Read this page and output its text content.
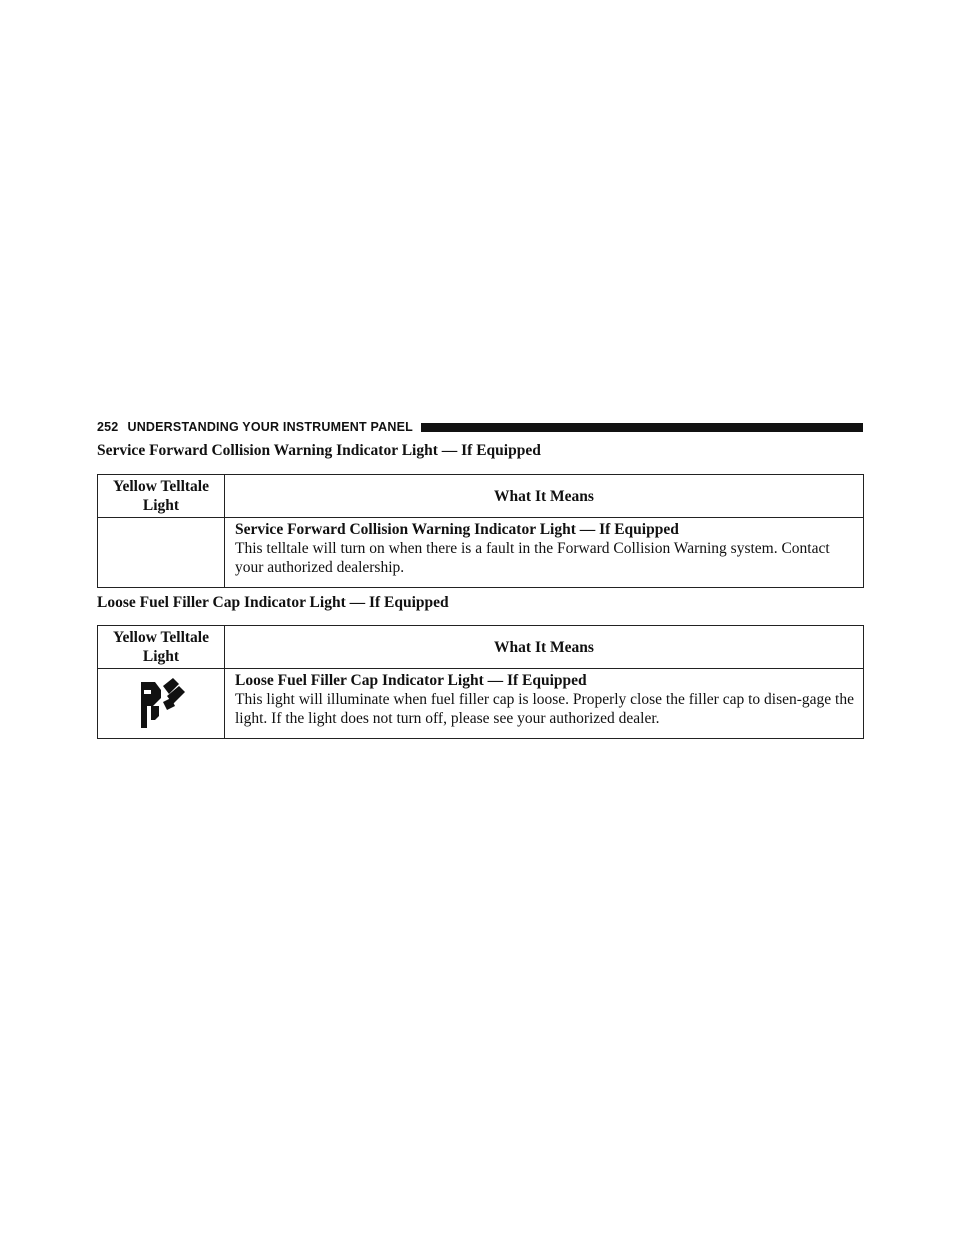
252 UNDERSTANDING YOUR INSTRUMENT PANEL
Service Forward Collision Warning Indicator Light — If Equipped
Yellow Telltale Light	What It Means

	Service Forward Collision Warning Indicator Light — If Equipped
This telltale will turn on when there is a fault in the Forward Collision Warning system. Contact your authorized dealership.
Loose Fuel Filler Cap Indicator Light — If Equipped
Yellow Telltale Light	What It Means

Loose Fuel Filler Cap Indicator Light — If Equipped
This light will illuminate when fuel filler cap is loose. Properly close the filler cap to disen-gage the light. If the light does not turn off, please see your authorized dealer.
